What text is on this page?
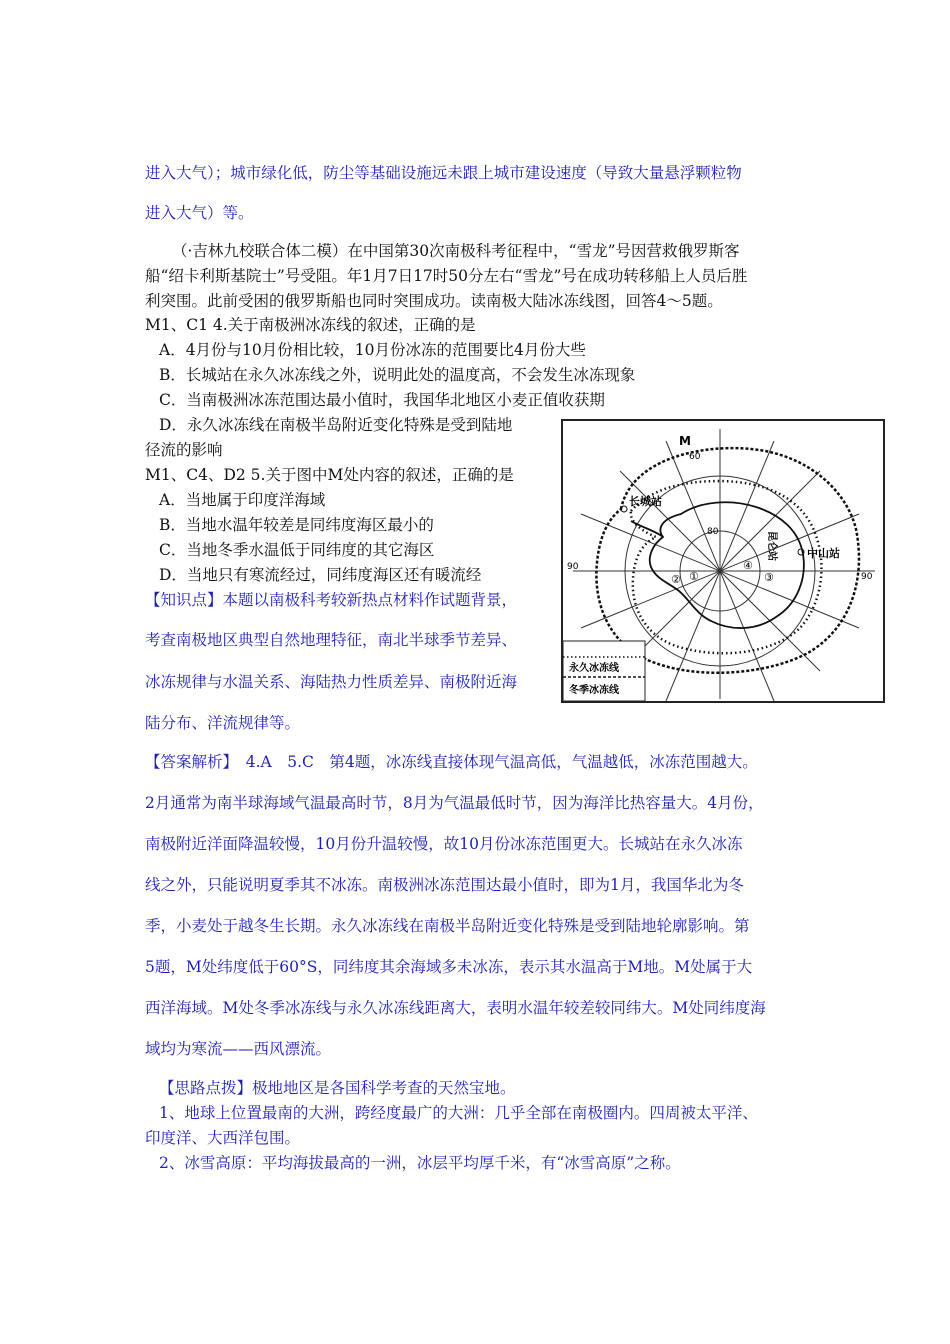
进入大气）；城市绿化低，防尘等基础设施远未跟上城市建设速度（导致大量悬浮颗粒物
进入大气）等。
（·吉林九校联合体二模）在中国第30次南极科考征程中，“雪龙”号因营救俄罗斯客
船“绍卡利斯基院士”号受阻。年1月7日17时50分左右“雪龙”号在成功转移船上人员后胜
利突围。此前受困的俄罗斯船也同时突围成功。读南极大陆冰冻线图，回答4～5题。
M1、C1 4.关于南极洲冰冻线的叙述，正确的是
A．4月份与10月份相比较，10月份冰冻的范围要比4月份大些
B．长城站在永久冰冻线之外，说明此处的温度高，不会发生冰冻现象
C．当南极洲冰冻范围达最小值时，我国华北地区小麦正值收获期
D．永久冰冻线在南极半岛附近变化特殊是受到陆地
径流的影响
M1、C4、D2 5.关于图中M处内容的叙述，正确的是
A．当地属于印度洋海域
B．当地水温年较差是同纬度海区最小的
C．当地冬季水温低于同纬度的其它海区
D．当地只有寒流经过，同纬度海区还有暖流经
【知识点】本题以南极科考较新热点材料作试题背景，
考查南极地区典型自然地理特征，南北半球季节差异、
冰冻规律与水温关系、海陆热力性质差异、南极附近海
陆分布、洋流规律等。
【答案解析】　4.A　5.C　第4题，冰冻线直接体现气温高低，气温越低，冰冻范围越大。
2月通常为南半球海域气温最高时节，8月为气温最低时节，因为海洋比热容量大。4月份，
南极附近洋面降温较慢，10月份升温较慢，故10月份冰冻范围更大。长城站在永久冰冻
线之外，只能说明夏季其不冰冻。南极洲冰冻范围达最小值时，即为1月，我国华北为冬
季，小麦处于越冬生长期。永久冰冻线在南极半岛附近变化特殊是受到陆地轮廓影响。第
5题，M处纬度低于60°S，同纬度其余海域多未冰冻，表示其水温高于M地。M处属于大
西洋海域。M处冬季冰冻线与永久冰冻线距离大，表明水温年较差较同纬大。M处同纬度海
域均为寒流——西风漂流。
【思路点拨】极地地区是各国科学考查的天然宝地。
1、地球上位置最南的大洲，跨经度最广的大洲：几乎全部在南极圈内。四周被太平洋、
印度洋、大西洋包围。
2、冰雪高原：平均海拔最高的一洲，冰层平均厚千米，有“冰雪高原”之称。
M
60
80
90
90
长城站
中山站
昆仑站
①
②	③
④
永久冰冻线
冬季冰冻线
